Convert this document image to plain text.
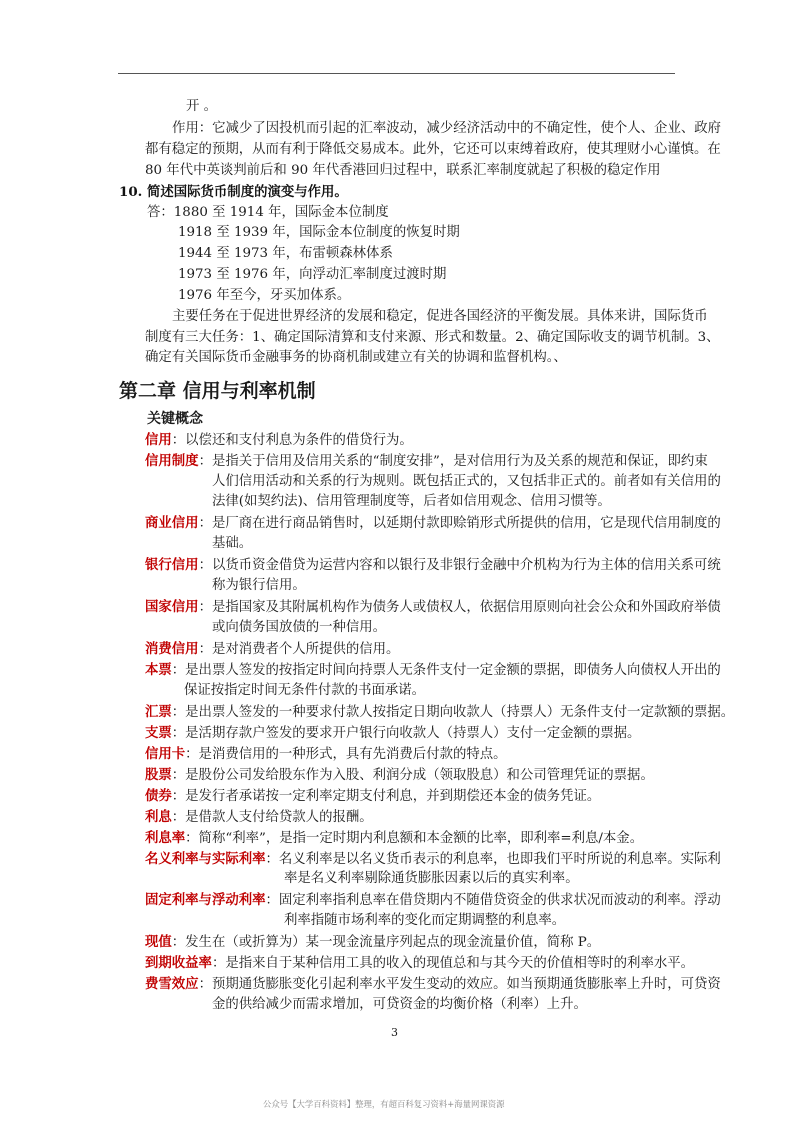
开 。
作用：它减少了因投机而引起的汇率波动，减少经济活动中的不确定性，使个人、企业、政府
都有稳定的预期，从而有利于降低交易成本。此外，它还可以束缚着政府，使其理财小心谨慎。在
80 年代中英谈判前后和 90 年代香港回归过程中，联系汇率制度就起了积极的稳定作用
10. 简述国际货币制度的演变与作用。
答：1880 至 1914 年，国际金本位制度
1918 至 1939 年，国际金本位制度的恢复时期
1944 至 1973 年，布雷顿森林体系
1973 至 1976 年，向浮动汇率制度过渡时期
1976 年至今，牙买加体系。
主要任务在于促进世界经济的发展和稳定，促进各国经济的平衡发展。具体来讲，国际货币
制度有三大任务：1、确定国际清算和支付来源、形式和数量。2、确定国际收支的调节机制。3、
确定有关国际货币金融事务的协商机制或建立有关的协调和监督机构。、
第二章 信用与利率机制
关键概念
信用：以偿还和支付利息为条件的借贷行为。
信用制度：是指关于信用及信用关系的“制度安排”，是对信用行为及关系的规范和保证，即约束
人们信用活动和关系的行为规则。既包括正式的，又包括非正式的。前者如有关信用的
法律(如契约法)、信用管理制度等，后者如信用观念、信用习惯等。
商业信用：是厂商在进行商品销售时，以延期付款即赊销形式所提供的信用，它是现代信用制度的
基础。
银行信用：以货币资金借贷为运营内容和以银行及非银行金融中介机构为行为主体的信用关系可统
称为银行信用。
国家信用：是指国家及其附属机构作为债务人或债权人，依据信用原则向社会公众和外国政府举债
或向债务国放债的一种信用。
消费信用：是对消费者个人所提供的信用。
本票：是出票人签发的按指定时间向持票人无条件支付一定金额的票据，即债务人向债权人开出的
保证按指定时间无条件付款的书面承诺。
汇票：是出票人签发的一种要求付款人按指定日期向收款人（持票人）无条件支付一定款额的票据。
支票：是活期存款户签发的要求开户银行向收款人（持票人）支付一定金额的票据。
信用卡：是消费信用的一种形式，具有先消费后付款的特点。
股票：是股份公司发给股东作为入股、利润分成（领取股息）和公司管理凭证的票据。
债券：是发行者承诺按一定利率定期支付利息，并到期偿还本金的债务凭证。
利息：是借款人支付给贷款人的报酬。
利息率：简称“利率”，是指一定时期内利息额和本金额的比率，即利率=利息/本金。
名义利率与实际利率：名义利率是以名义货币表示的利息率，也即我们平时所说的利息率。实际利
率是名义利率剔除通货膨胀因素以后的真实利率。
固定利率与浮动利率：固定利率指利息率在借贷期内不随借贷资金的供求状况而波动的利率。浮动
利率指随市场利率的变化而定期调整的利息率。
现值：发生在（或折算为）某一现金流量序列起点的现金流量价值，简称 P。
到期收益率：是指来自于某种信用工具的收入的现值总和与其今天的价值相等时的利率水平。
费雪效应：预期通货膨胀变化引起利率水平发生变动的效应。如当预期通货膨胀率上升时，可贷资
金的供给减少而需求增加，可贷资金的均衡价格（利率）上升。
3
公众号【大学百科资料】整理，有超百科复习资料+海量网课资源
